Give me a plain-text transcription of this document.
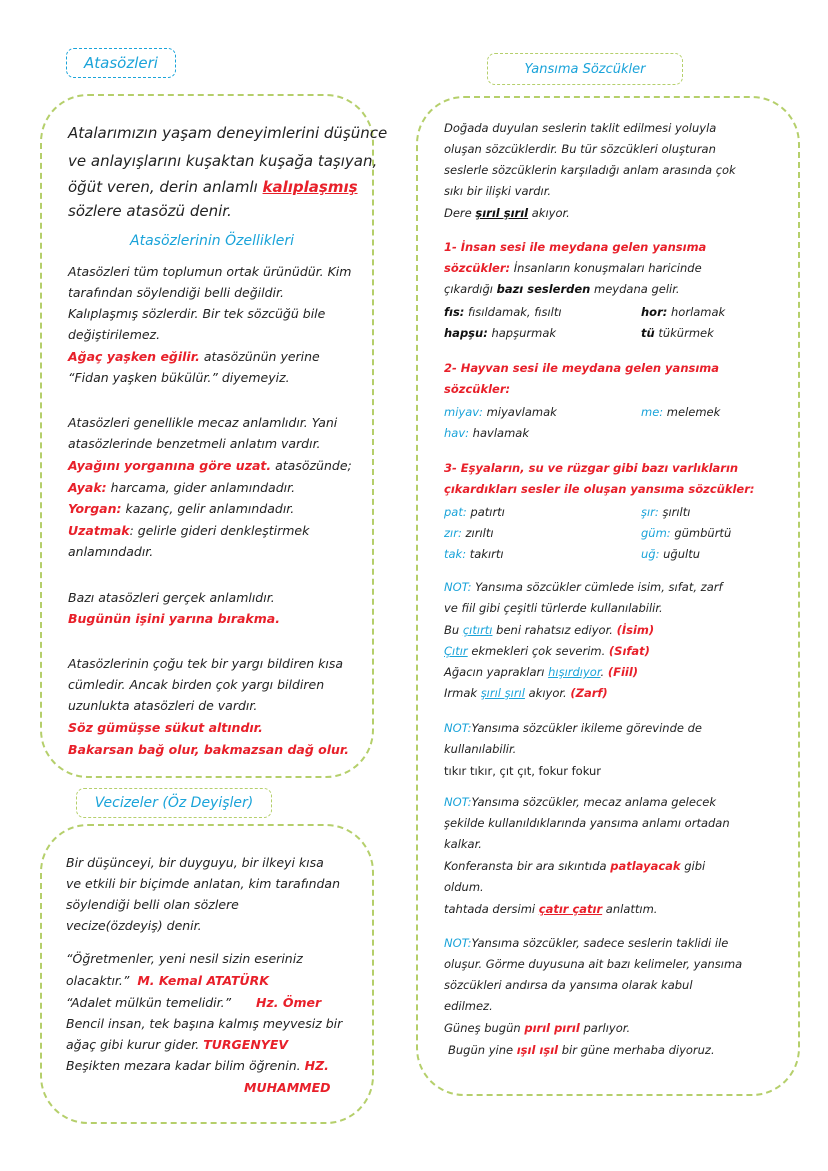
Atasözleri
Atalarımızın yaşam deneyimlerini düşünce
ve anlayışlarını kuşaktan kuşağa taşıyan,
öğüt veren, derin anlamlı kalıplaşmış
sözlere atasözü denir.
Atasözlerinin Özellikleri
Atasözleri tüm toplumun ortak ürünüdür. Kim
tarafından söylendiği belli değildir.
Kalıplaşmış sözlerdir. Bir tek sözcüğü bile
değiştirilemez.
Ağaç yaşken eğilir. atasözünün yerine
“Fidan yaşken bükülür.” diyemeyiz.
Atasözleri genellikle mecaz anlamlıdır. Yani
atasözlerinde benzetmeli anlatım vardır.
Ayağını yorganına göre uzat. atasözünde;
Ayak: harcama, gider anlamındadır.
Yorgan: kazanç, gelir anlamındadır.
Uzatmak: gelirle gideri denkleştirmek
anlamındadır.
Bazı atasözleri gerçek anlamlıdır.
Bugünün işini yarına bırakma.
Atasözlerinin çoğu tek bir yargı bildiren kısa
cümledir. Ancak birden çok yargı bildiren
uzunlukta atasözleri de vardır.
Söz gümüşse sükut altındır.
Bakarsan bağ olur, bakmazsan dağ olur.
Vecizeler (Öz Deyişler)
Bir düşünceyi, bir duyguyu, bir ilkeyi kısa
ve etkili bir biçimde anlatan, kim tarafından
söylendiği belli olan sözlere
vecize(özdeyiş) denir.
“Öğretmenler, yeni nesil sizin eseriniz
olacaktır.” M. Kemal ATATÜRK
“Adalet mülkün temelidir.” Hz. Ömer
Bencil insan, tek başına kalmış meyvesiz bir
ağaç gibi kurur gider. TURGENYEV
Beşikten mezara kadar bilim öğrenin. HZ.
MUHAMMED
Yansıma Sözcükler
Doğada duyulan seslerin taklit edilmesi yoluyla
oluşan sözcüklerdir. Bu tür sözcükleri oluşturan
seslerle sözcüklerin karşıladığı anlam arasında çok
sıkı bir ilişki vardır.
Dere şırıl şırıl akıyor.
1- İnsan sesi ile meydana gelen yansıma
sözcükler: İnsanların konuşmaları haricinde
çıkardığı bazı seslerden meydana gelir.
fıs: fısıldamak, fısıltı	hor: horlamak
hapşu: hapşurmak	tü tükürmek
2- Hayvan sesi ile meydana gelen yansıma
sözcükler:
miyav: miyavlamak	me: melemek
hav: havlamak
3- Eşyaların, su ve rüzgar gibi bazı varlıkların
çıkardıkları sesler ile oluşan yansıma sözcükler:
pat: patırtı	şır: şırıltı
zır: zırıltı	güm: gümbürtü
tak: takırtı	uğ: uğultu
NOT: Yansıma sözcükler cümlede isim, sıfat, zarf
ve fiil gibi çeşitli türlerde kullanılabilir.
Bu çıtırtı beni rahatsız ediyor. (İsim)
Çıtır ekmekleri çok severim. (Sıfat)
Ağacın yaprakları hışırdıyor. (Fiil)
Irmak şırıl şırıl akıyor. (Zarf)
NOT:Yansıma sözcükler ikileme görevinde de
kullanılabilir.
tıkır tıkır, çıt çıt, fokur fokur
NOT:Yansıma sözcükler, mecaz anlama gelecek
şekilde kullanıldıklarında yansıma anlamı ortadan
kalkar.
Konferansta bir ara sıkıntıda patlayacak gibi
oldum.
tahtada dersimi çatır çatır anlattım.
NOT:Yansıma sözcükler, sadece seslerin taklidi ile
oluşur. Görme duyusuna ait bazı kelimeler, yansıma
sözcükleri andırsa da yansıma olarak kabul
edilmez.
Güneş bugün pırıl pırıl parlıyor.
Bugün yine ışıl ışıl bir güne merhaba diyoruz.
